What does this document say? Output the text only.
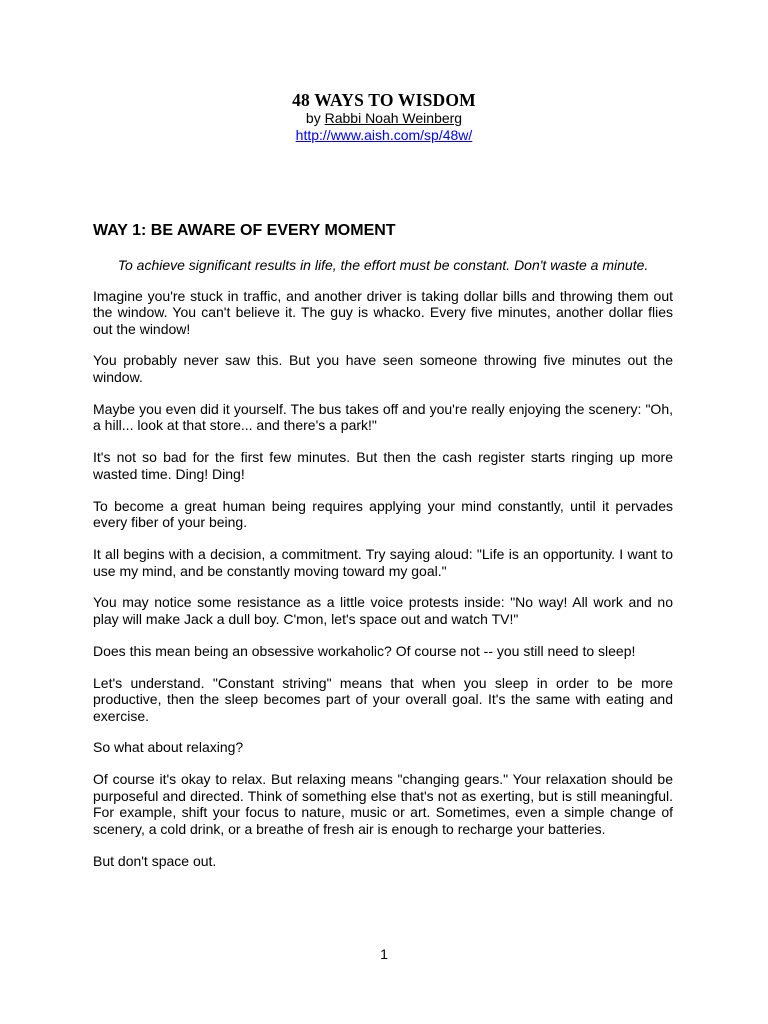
48 WAYS TO WISDOM

by Rabbi Noah Weinberg

http://www.aish.com/sp/48w/
WAY 1: BE AWARE OF EVERY MOMENT

To achieve significant results in life, the effort must be constant. Don't waste a minute.

Imagine you're stuck in traffic, and another driver is taking dollar bills and throwing them out the window. You can't believe it. The guy is whacko. Every five minutes, another dollar flies out the window!

You probably never saw this. But you have seen someone throwing five minutes out the window.

Maybe you even did it yourself. The bus takes off and you're really enjoying the scenery: "Oh, a hill... look at that store... and there's a park!"

It's not so bad for the first few minutes. But then the cash register starts ringing up more wasted time. Ding! Ding!

To become a great human being requires applying your mind constantly, until it pervades every fiber of your being.

It all begins with a decision, a commitment. Try saying aloud: "Life is an opportunity. I want to use my mind, and be constantly moving toward my goal."

You may notice some resistance as a little voice protests inside: "No way! All work and no play will make Jack a dull boy. C'mon, let's space out and watch TV!"

Does this mean being an obsessive workaholic? Of course not -- you still need to sleep!

Let's understand. "Constant striving" means that when you sleep in order to be more productive, then the sleep becomes part of your overall goal. It's the same with eating and exercise.

So what about relaxing?

Of course it's okay to relax. But relaxing means "changing gears." Your relaxation should be purposeful and directed. Think of something else that's not as exerting, but is still meaningful. For example, shift your focus to nature, music or art. Sometimes, even a simple change of scenery, a cold drink, or a breathe of fresh air is enough to recharge your batteries.

But don't space out.

1
